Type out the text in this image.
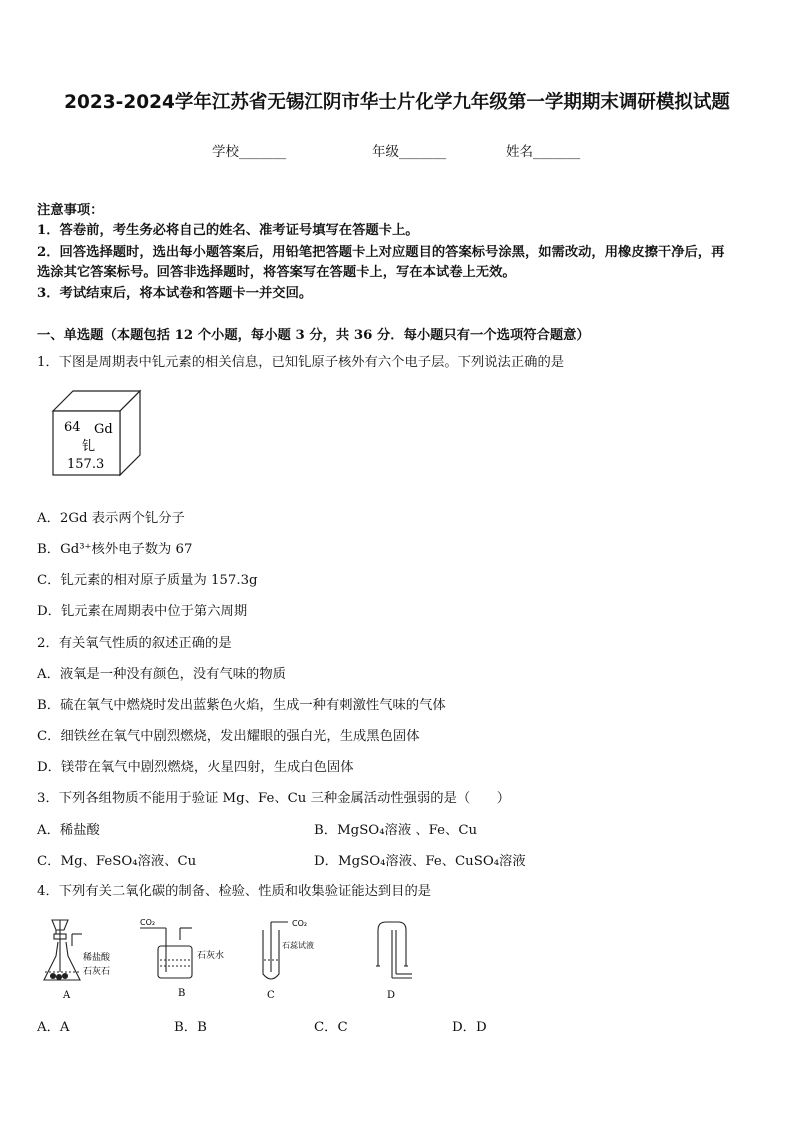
2023-2024学年江苏省无锡江阴市华士片化学九年级第一学期期末调研模拟试题
学校_______	年级_______	姓名_______
注意事项：
1．答卷前，考生务必将自己的姓名、准考证号填写在答题卡上。
2．回答选择题时，选出每小题答案后，用铅笔把答题卡上对应题目的答案标号涂黑，如需改动，用橡皮擦干净后，再
选涂其它答案标号。回答非选择题时，将答案写在答题卡上，写在本试卷上无效。
3．考试结束后，将本试卷和答题卡一并交回。
一、单选题（本题包括 12 个小题，每小题 3 分，共 36 分．每小题只有一个选项符合题意）
1．下图是周期表中钆元素的相关信息，已知钆原子核外有六个电子层。下列说法正确的是
64 Gd
钆
157.3
A．2Gd 表示两个钆分子
B．Gd³⁺核外电子数为 67
C．钆元素的相对原子质量为 157.3g
D．钆元素在周期表中位于第六周期
2．有关氧气性质的叙述正确的是
A．液氧是一种没有颜色，没有气味的物质
B．硫在氧气中燃烧时发出蓝紫色火焰，生成一种有刺激性气味的气体
C．细铁丝在氧气中剧烈燃烧，发出耀眼的强白光，生成黑色固体
D．镁带在氧气中剧烈燃烧，火星四射，生成白色固体
3．下列各组物质不能用于验证 Mg、Fe、Cu 三种金属活动性强弱的是（　　）
A．稀盐酸	B．MgSO₄溶液 、Fe、Cu
C．Mg、FeSO₄溶液、Cu	D．MgSO₄溶液、Fe、CuSO₄溶液
4．下列有关二氧化碳的制备、检验、性质和收集验证能达到目的是
稀盐酸
石灰石
A
CO₂
石灰水
B
CO₂
石蕊试液
C	D
A．A	B．B	C．C	D．D
